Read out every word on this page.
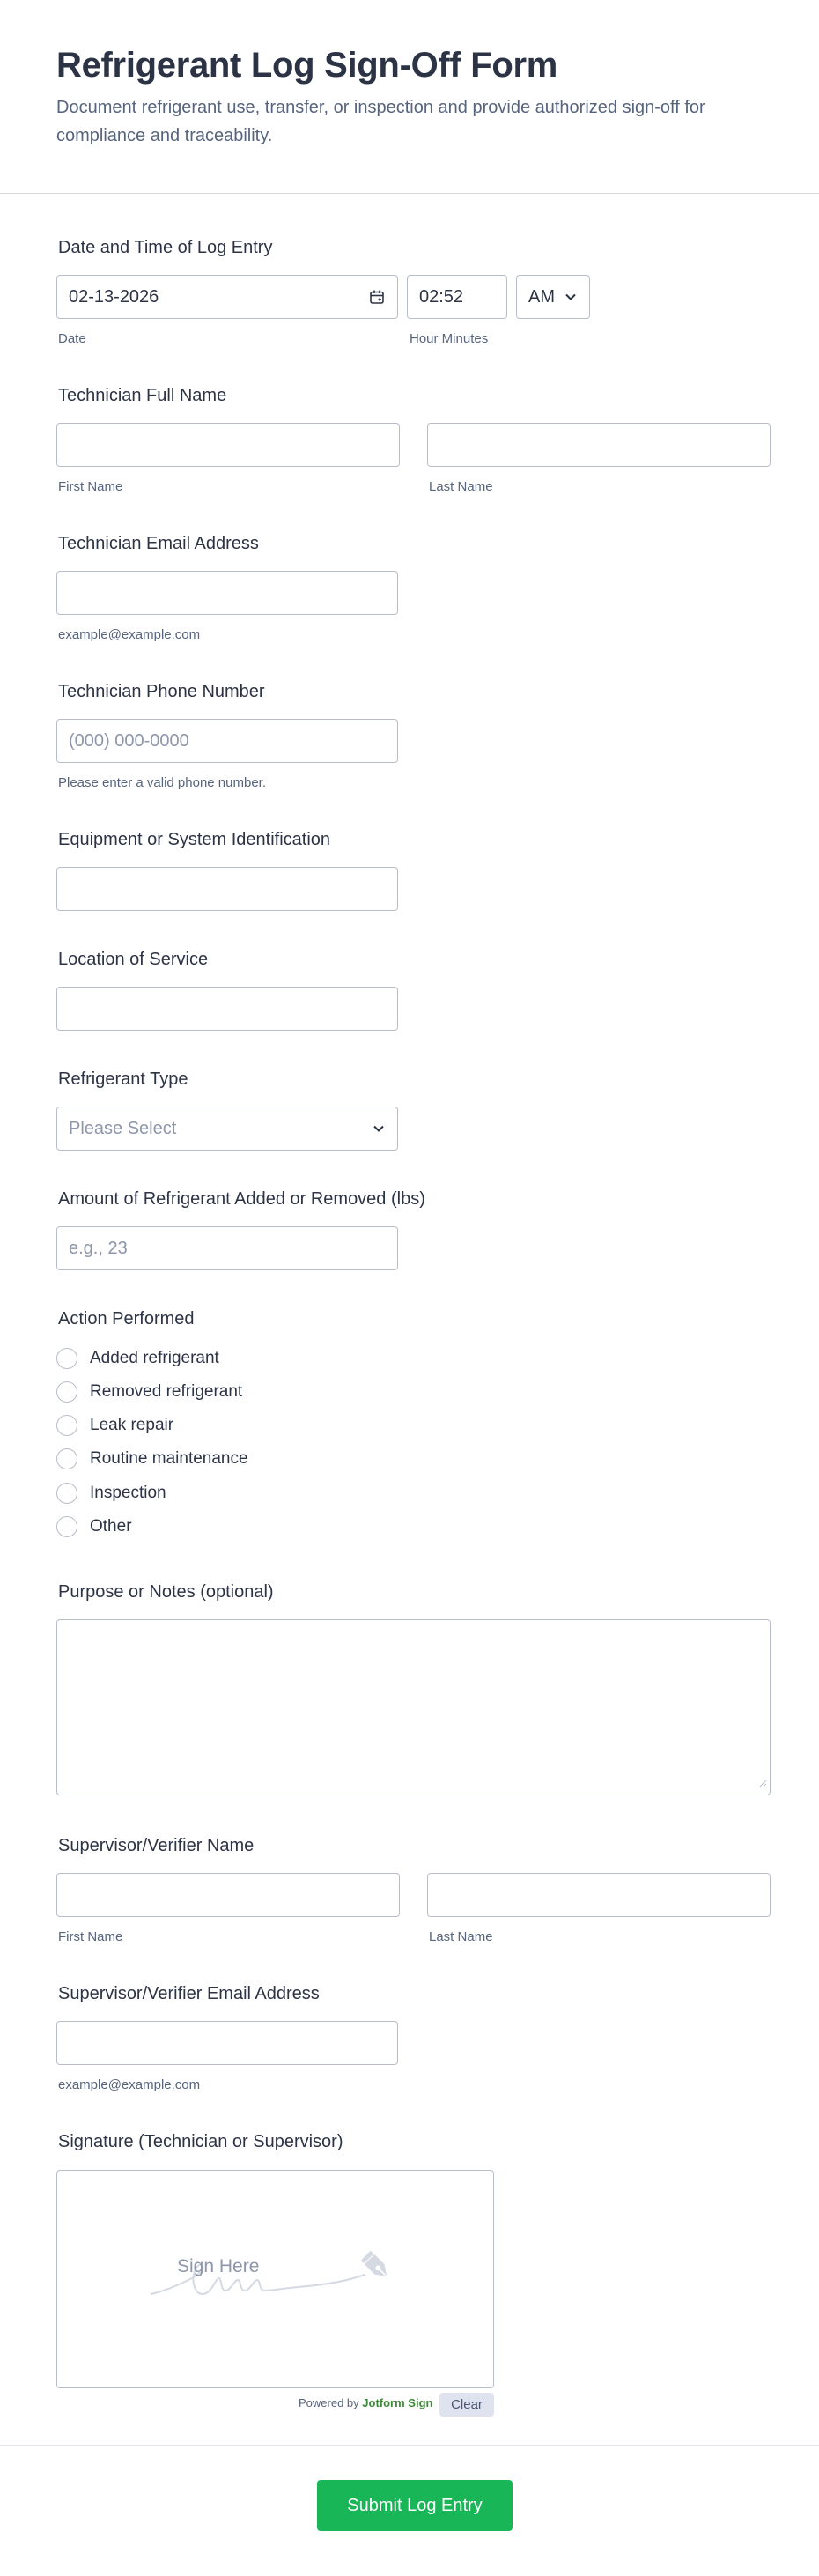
Refrigerant Log Sign-Off Form

Document refrigerant use, transfer, or inspection and provide authorized sign-off for compliance and traceability.

Date and Time of Log Entry
02-13-2026
Date
02:52
Hour Minutes
AM
Technician Full Name
First Name	Last Name
Technician Email Address
example@example.com
Technician Phone Number
(000) 000-0000
Please enter a valid phone number.
Equipment or System Identification
Location of Service
Refrigerant Type
Please Select
Amount of Refrigerant Added or Removed (lbs)
e.g., 23
Action Performed
Added refrigerant
Removed refrigerant
Leak repair
Routine maintenance
Inspection
Other
Purpose or Notes (optional)
Supervisor/Verifier Name
First Name	Last Name
Supervisor/Verifier Email Address
example@example.com
Signature (Technician or Supervisor)
Sign Here
Powered by Jotform Sign	Clear
Submit Log Entry
